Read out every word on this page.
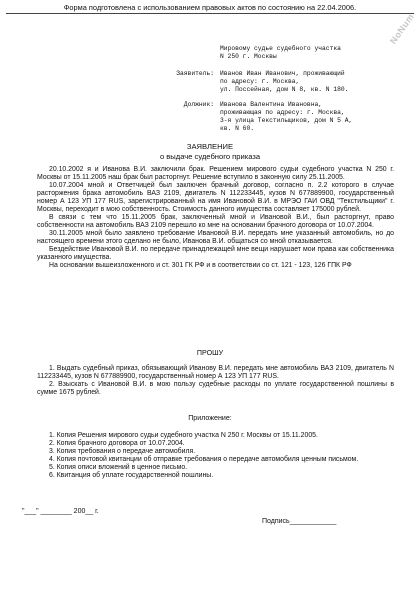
Форма подготовлена с использованием правовых актов по состоянию на 22.04.2006.
NoNum
Мировому судье судебного участка
N 250 г. Москвы
Заявитель: Иванов Иван Иванович, проживающий
по адресу: г. Москва,
ул. Поссейная, дом N 8, кв. N 180.
Должник: Иванова Валентина Ивановна,
проживающая по адресу: г. Москва,
3-я улица Текстильщиков, дом N 5 А,
кв. N 60.
ЗАЯВЛЕНИЕ
о выдаче судебного приказа

20.10.2002 я и Иванова В.И. заключили брак. Решением мирового судьи судебного участка N 250 г. Москвы от 15.11.2005 наш брак был расторгнут. Решение вступило в законную силу 25.11.2005.

10.07.2004 мной и Ответчицей был заключен брачный договор, согласно п. 2.2 которого в случае расторжения брака автомобиль ВАЗ 2109, двигатель N 112233445, кузов N 677889900, государственный номер А 123 УП 177 RUS, зарегистрированный на имя Ивановой В.И. в МРЭО ГАИ ОВД "Текстильщики" г. Москвы, переходит в мою собственность. Стоимость данного имущества составляет 175000 рублей.

В связи с тем что 15.11.2005 брак, заключенный мной и Ивановой В.И., был расторгнут, право собственности на автомобиль ВАЗ 2109 перешло ко мне на основании брачного договора от 10.07.2004.

30.11.2005 мной было заявлено требование Ивановой В.И. передать мне указанный автомобиль, но до настоящего времени этого сделано не было, Иванова В.И. общаться со мной отказывается.

Бездействие Ивановой В.И. по передаче принадлежащей мне вещи нарушает мои права как собственника указанного имущества.

На основании вышеизложенного и ст. 301 ГК РФ и в соответствии со ст. 121 - 123, 126 ГПК РФ

ПРОШУ

1. Выдать судебный приказ, обязывающий Иванову В.И. передать мне автомобиль ВАЗ 2109, двигатель N 112233445, кузов N 677889900, государственный номер А 123 УП 177 RUS.

2. Взыскать с Ивановой В.И. в мою пользу судебные расходы по уплате государственной пошлины в сумме 1675 рублей.

Приложение:

1. Копия Решения мирового судьи судебного участка N 250 г. Москвы от 15.11.2005.

2. Копия брачного договора от 10.07.2004.

3. Копия требования о передаче автомобиля.

4. Копия почтовой квитанции об отправке требования о передаче автомобиля ценным письмом.

5. Копия описи вложений в ценное письмо.

6. Квитанция об уплате государственной пошлины.

"___" ________ 200__ г.
Подпись____________
